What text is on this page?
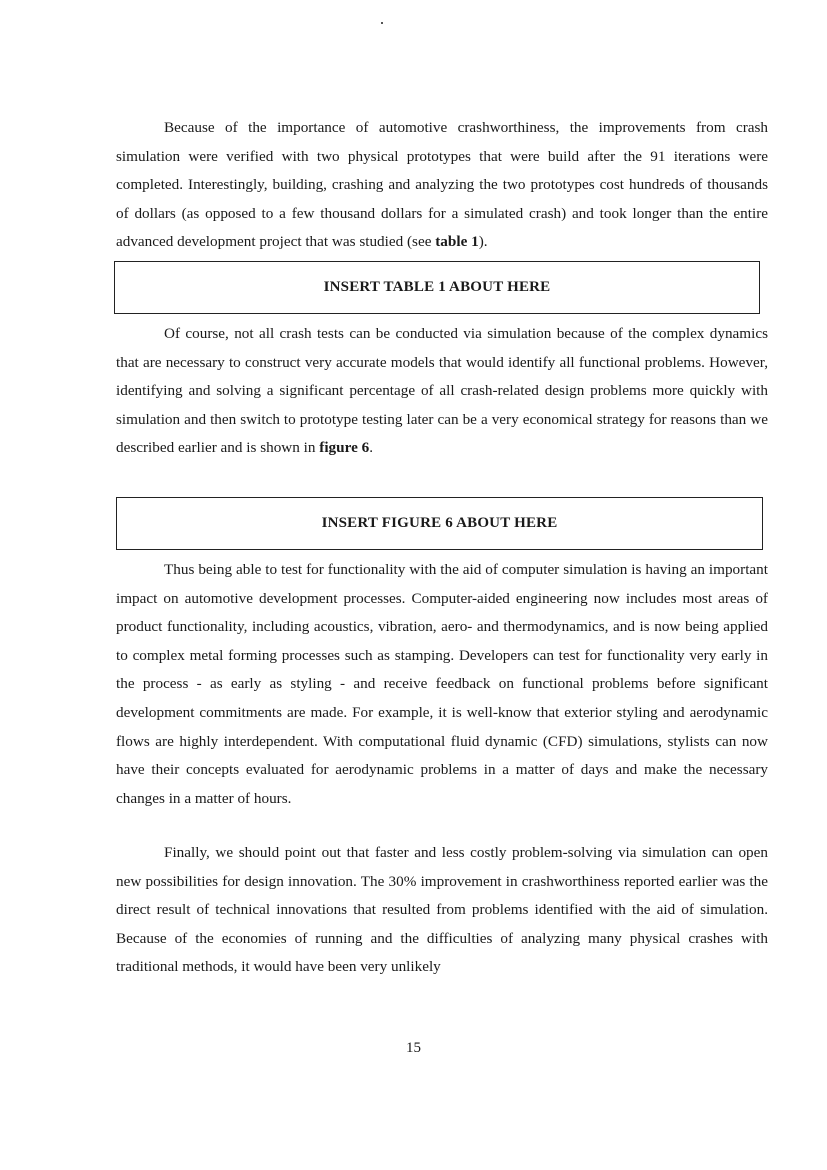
Because of the importance of automotive crashworthiness, the improvements from crash simulation were verified with two physical prototypes that were build after the 91 iterations were completed. Interestingly, building, crashing and analyzing the two prototypes cost hundreds of thousands of dollars (as opposed to a few thousand dollars for a simulated crash) and took longer than the entire advanced development project that was studied (see table 1).

INSERT TABLE 1 ABOUT HERE

Of course, not all crash tests can be conducted via simulation because of the complex dynamics that are necessary to construct very accurate models that would identify all functional problems. However, identifying and solving a significant percentage of all crash-related design problems more quickly with simulation and then switch to prototype testing later can be a very economical strategy for reasons than we described earlier and is shown in figure 6.

INSERT FIGURE 6 ABOUT HERE

Thus being able to test for functionality with the aid of computer simulation is having an important impact on automotive development processes. Computer-aided engineering now includes most areas of product functionality, including acoustics, vibration, aero- and thermodynamics, and is now being applied to complex metal forming processes such as stamping. Developers can test for functionality very early in the process - as early as styling - and receive feedback on functional problems before significant development commitments are made. For example, it is well-know that exterior styling and aerodynamic flows are highly interdependent. With computational fluid dynamic (CFD) simulations, stylists can now have their concepts evaluated for aerodynamic problems in a matter of days and make the necessary changes in a matter of hours.

Finally, we should point out that faster and less costly problem-solving via simulation can open new possibilities for design innovation. The 30% improvement in crashworthiness reported earlier was the direct result of technical innovations that resulted from problems identified with the aid of simulation. Because of the economies of running and the difficulties of analyzing many physical crashes with traditional methods, it would have been very unlikely

15
